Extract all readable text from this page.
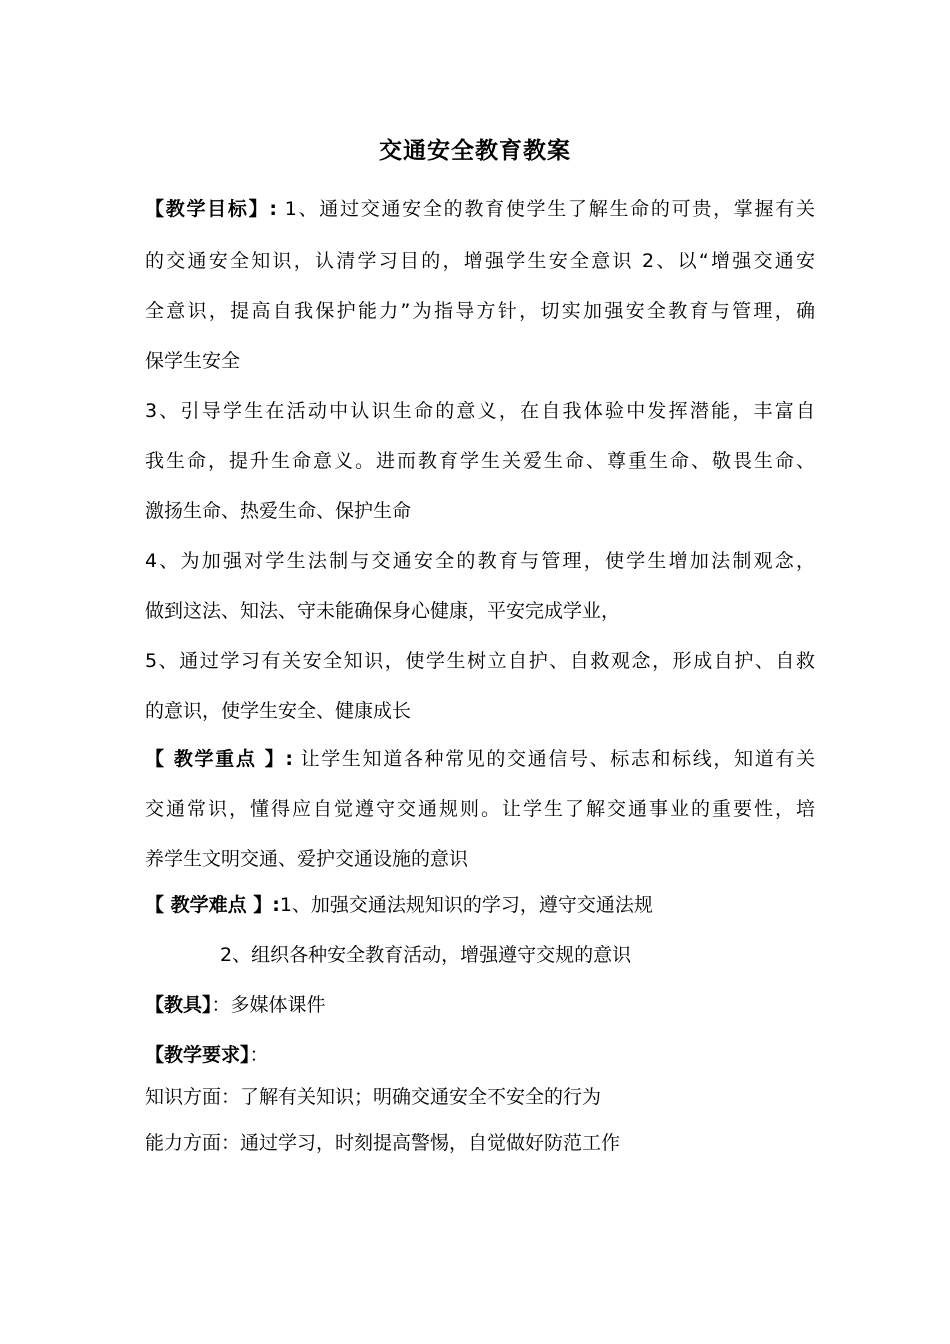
交通安全教育教案
【教学目标】: 1、通过交通安全的教育使学生了解生命的可贵，掌握有关
的交通安全知识，认清学习目的，增强学生安全意识 2、以“增强交通安
全意识，提高自我保护能力”为指导方针，切实加强安全教育与管理，确
保学生安全
3、引导学生在活动中认识生命的意义，在自我体验中发挥潜能，丰富自
我生命，提升生命意义。进而教育学生关爱生命、尊重生命、敬畏生命、
激扬生命、热爱生命、保护生命
4、为加强对学生法制与交通安全的教育与管理，使学生增加法制观念，
做到这法、知法、守未能确保身心健康，平安完成学业，
5、通过学习有关安全知识，使学生树立自护、自救观念，形成自护、自救
的意识，使学生安全、健康成长
【 教学重点 】: 让学生知道各种常见的交通信号、标志和标线，知道有关
交通常识，懂得应自觉遵守交通规则。让学生了解交通事业的重要性，培
养学生文明交通、爱护交通设施的意识
【 教学难点 】:1、加强交通法规知识的学习，遵守交通法规
2、组织各种安全教育活动，增强遵守交规的意识
【教具】：多媒体课件
【教学要求】：
知识方面：了解有关知识；明确交通安全不安全的行为
能力方面：通过学习，时刻提高警惕，自觉做好防范工作
